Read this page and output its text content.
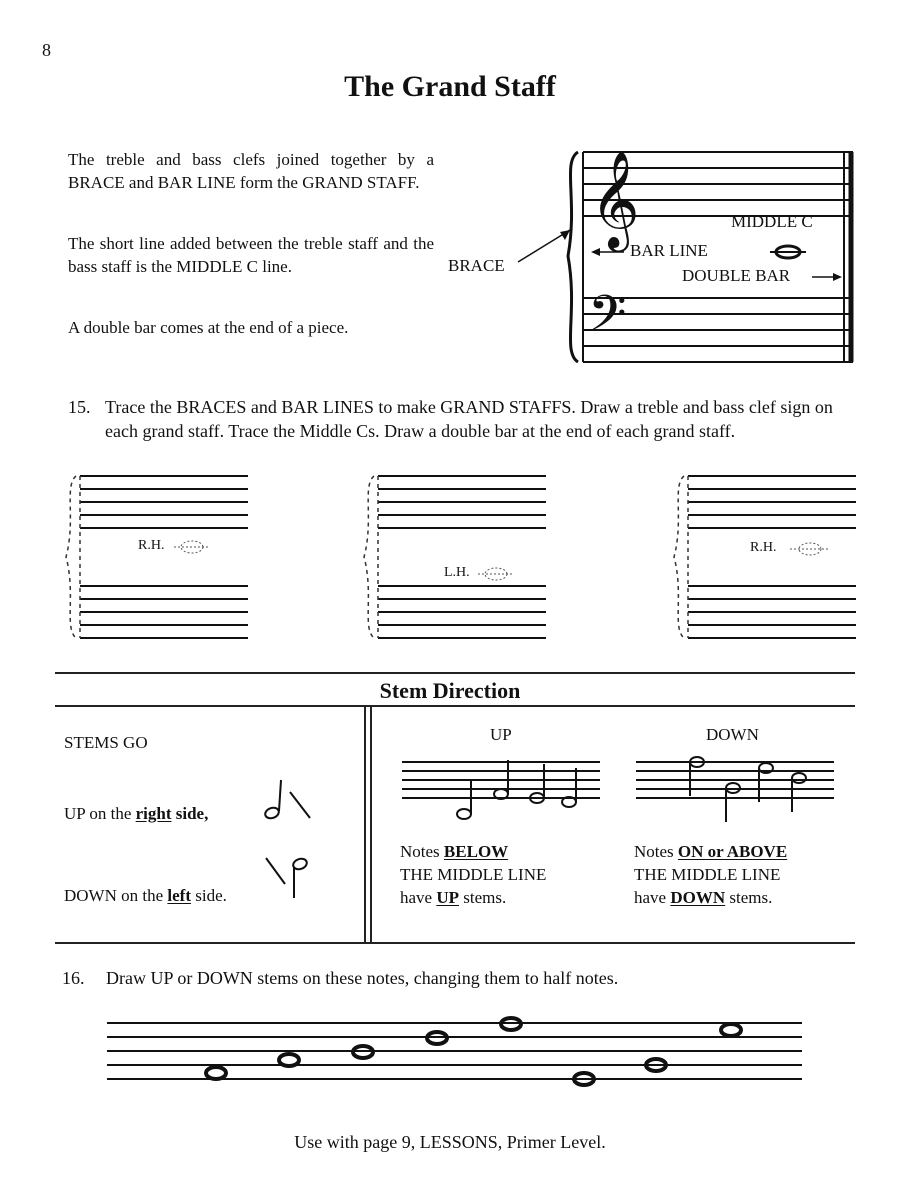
8
The Grand Staff

The treble and bass clefs joined together by a BRACE and BAR LINE form the GRAND STAFF.

The short line added between the treble staff and the bass staff is the MIDDLE C line.

A double bar comes at the end of a piece.

𝄞
𝄢
MIDDLE C
BAR LINE
BRACE
DOUBLE BAR
15. Trace the BRACES and BAR LINES to make GRAND STAFFS. Draw a treble and bass clef sign on each grand staff. Trace the Middle Cs. Draw a double bar at the end of each grand staff.
R.H.
L.H.
R.H.
Stem Direction
STEMS GO
UP on the right side,
DOWN on the left side.
UP	DOWN
Notes BELOW
THE MIDDLE LINE
have UP stems.
Notes ON or ABOVE
THE MIDDLE LINE
have DOWN stems.
16. Draw UP or DOWN stems on these notes, changing them to half notes.
Use with page 9, LESSONS, Primer Level.
